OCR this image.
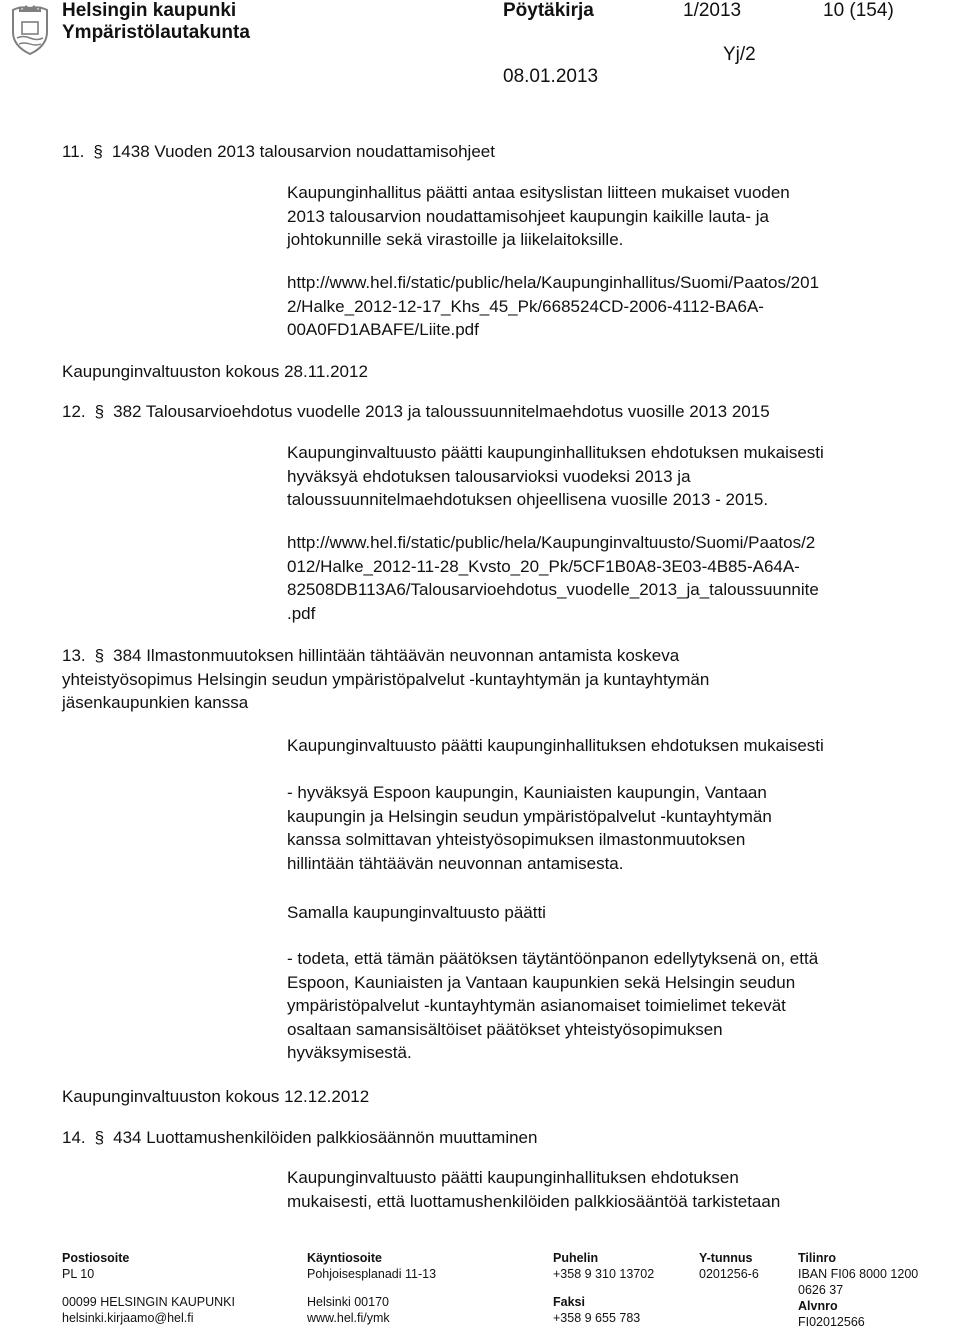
Helsingin kaupunki
Ympäristölautakunta
Pöytäkirja	1/2013	10 (154)
Yj/2
08.01.2013
11. § 1438 Vuoden 2013 talousarvion noudattamisohjeet
Kaupunginhallitus päätti antaa esityslistan liitteen mukaiset vuoden
2013 talousarvion noudattamisohjeet kaupungin kaikille lauta- ja
johtokunnille sekä virastoille ja liikelaitoksille.
http://www.hel.fi/static/public/hela/Kaupunginhallitus/Suomi/Paatos/201
2/Halke_2012-12-17_Khs_45_Pk/668524CD-2006-4112-BA6A-
00A0FD1ABAFE/Liite.pdf
Kaupunginvaltuuston kokous 28.11.2012
12. § 382 Talousarvioehdotus vuodelle 2013 ja taloussuunnitelmaehdotus vuosille 2013 2015
Kaupunginvaltuusto päätti kaupunginhallituksen ehdotuksen mukaisesti
hyväksyä ehdotuksen talousarvioksi vuodeksi 2013 ja
taloussuunnitelmaehdotuksen ohjeellisena vuosille 2013 - 2015.
http://www.hel.fi/static/public/hela/Kaupunginvaltuusto/Suomi/Paatos/2
012/Halke_2012-11-28_Kvsto_20_Pk/5CF1B0A8-3E03-4B85-A64A-
82508DB113A6/Talousarvioehdotus_vuodelle_2013_ja_taloussuunnite
.pdf
13. § 384 Ilmastonmuutoksen hillintään tähtäävän neuvonnan antamista koskeva
yhteistyösopimus Helsingin seudun ympäristöpalvelut -kuntayhtymän ja kuntayhtymän
jäsenkaupunkien kanssa
Kaupunginvaltuusto päätti kaupunginhallituksen ehdotuksen mukaisesti
- hyväksyä Espoon kaupungin, Kauniaisten kaupungin, Vantaan
kaupungin ja Helsingin seudun ympäristöpalvelut -kuntayhtymän
kanssa solmittavan yhteistyösopimuksen ilmastonmuutoksen
hillintään tähtäävän neuvonnan antamisesta.
Samalla kaupunginvaltuusto päätti
- todeta, että tämän päätöksen täytäntöönpanon edellytyksenä on, että
Espoon, Kauniaisten ja Vantaan kaupunkien sekä Helsingin seudun
ympäristöpalvelut -kuntayhtymän asianomaiset toimielimet tekevät
osaltaan samansisältöiset päätökset yhteistyösopimuksen
hyväksymisestä.
Kaupunginvaltuuston kokous 12.12.2012
14. § 434 Luottamushenkilöiden palkkiosäännön muuttaminen
Kaupunginvaltuusto päätti kaupunginhallituksen ehdotuksen
mukaisesti, että luottamushenkilöiden palkkiosääntöä tarkistetaan
Postiosoite
PL 10
00099 HELSINGIN KAUPUNKI
helsinki.kirjaamo@hel.fi
Käyntiosoite
Pohjoisesplanadi 11-13
Helsinki 00170
www.hel.fi/ymk
Puhelin
+358 9 310 13702
Faksi
+358 9 655 783
Y-tunnus
0201256-6
Tilinro
IBAN FI06 8000 1200
0626 37
Alvnro
FI02012566
